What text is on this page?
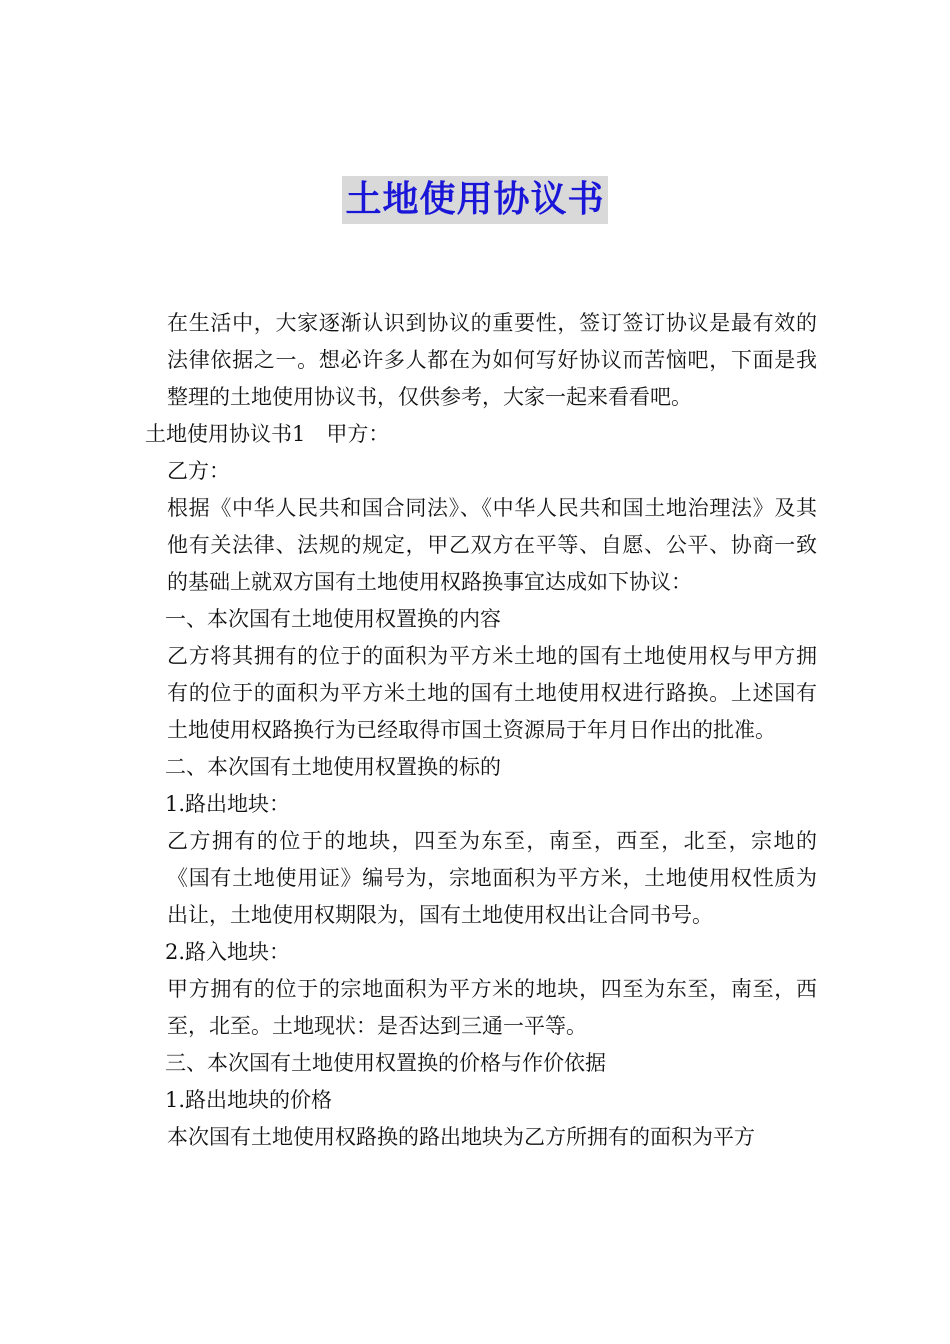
土地使用协议书

在生活中，大家逐渐认识到协议的重要性，签订签订协议是最有效的法律依据之一。想必许多人都在为如何写好协议而苦恼吧，下面是我整理的土地使用协议书，仅供参考，大家一起来看看吧。

土地使用协议书1　甲方：

乙方：

根据《中华人民共和国合同法》、《中华人民共和国土地治理法》及其他有关法律、法规的规定，甲乙双方在平等、自愿、公平、协商一致的基础上就双方国有土地使用权路换事宜达成如下协议：

一、本次国有土地使用权置换的内容

乙方将其拥有的位于的面积为平方米土地的国有土地使用权与甲方拥有的位于的面积为平方米土地的国有土地使用权进行路换。上述国有土地使用权路换行为已经取得市国土资源局于年月日作出的批准。

二、本次国有土地使用权置换的标的

1.路出地块：

乙方拥有的位于的地块，四至为东至，南至，西至，北至，宗地的《国有土地使用证》编号为，宗地面积为平方米，土地使用权性质为出让，土地使用权期限为，国有土地使用权出让合同书号。

2.路入地块：

甲方拥有的位于的宗地面积为平方米的地块，四至为东至，南至，西至，北至。土地现状：是否达到三通一平等。

三、本次国有土地使用权置换的价格与作价依据

1.路出地块的价格

本次国有土地使用权路换的路出地块为乙方所拥有的面积为平方
